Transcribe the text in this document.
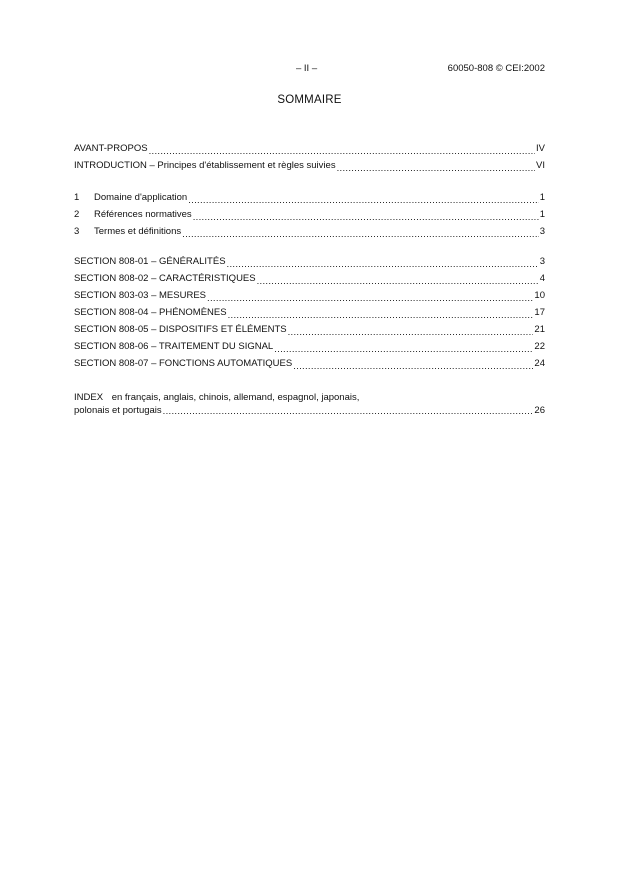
– II –	60050-808 © CEI:2002
SOMMAIRE
AVANT-PROPOS .....	IV
INTRODUCTION – Principes d'établissement et règles suivies .....	VI
1	Domaine d'application .....	1
2	Références normatives .....	1
3	Termes et définitions .....	3
SECTION 808-01 – GÉNÉRALITÉS .....	3
SECTION 808-02 – CARACTÉRISTIQUES .....	4
SECTION 803-03 – MESURES .....	10
SECTION 808-04 – PHÉNOMÈNES .....	17
SECTION 808-05 – DISPOSITIFS ET ÉLÉMENTS .....	21
SECTION 808-06 – TRAITEMENT DU SIGNAL .....	22
SECTION 808-07 – FONCTIONS AUTOMATIQUES .....	24
INDEX en français, anglais, chinois, allemand, espagnol, japonais,
polonais et portugais .....	26
